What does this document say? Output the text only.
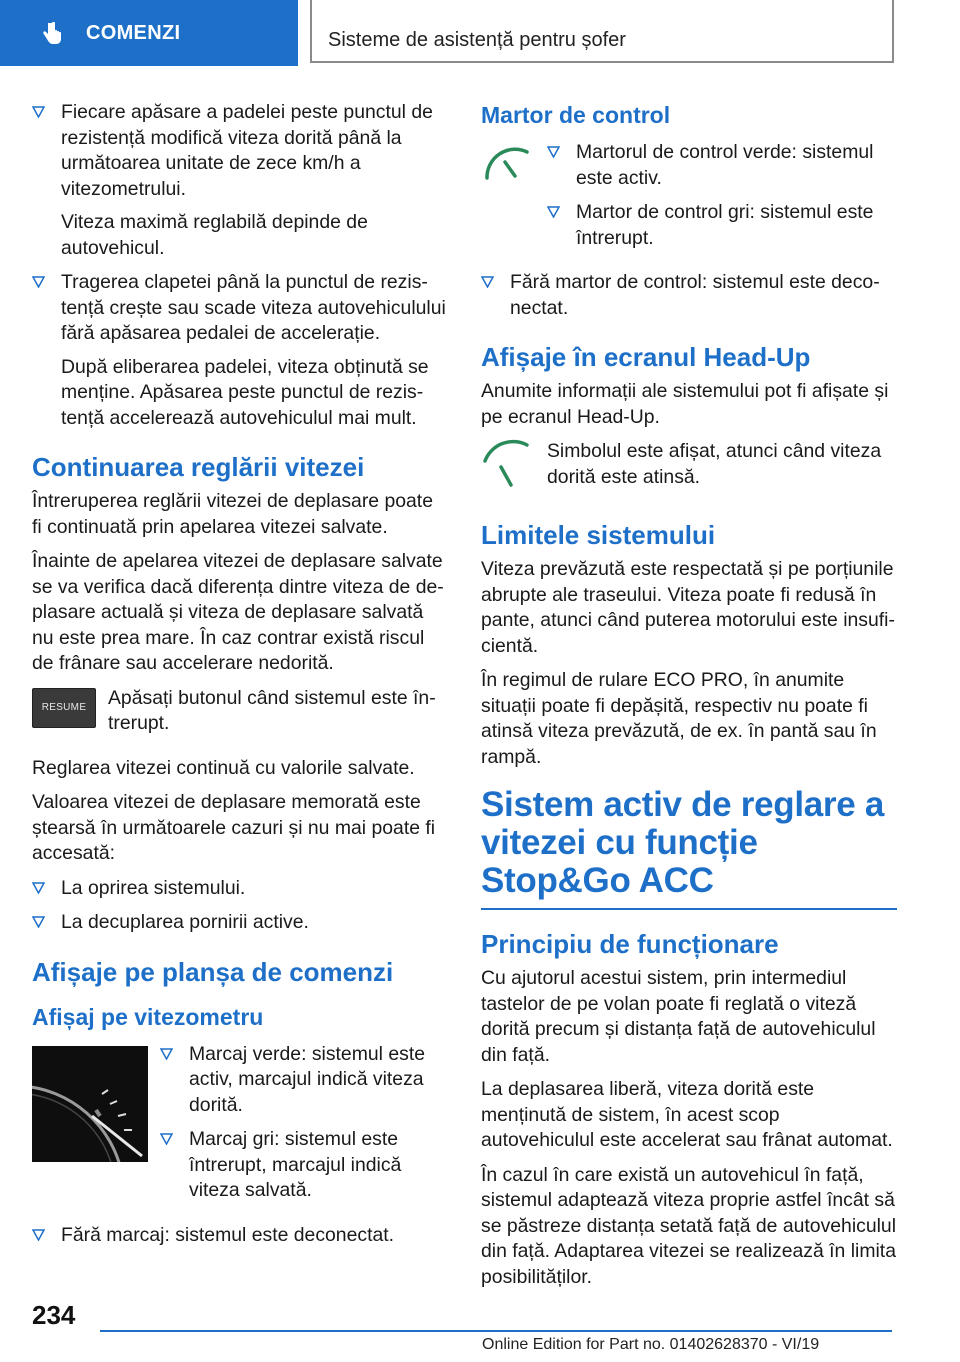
COMENZI	Sisteme de asistență pentru șofer

Fiecare apăsare a padelei peste punctul de rezistență modifică viteza dorită până la următoarea unitate de zece km/h a vitezometrului.

Viteza maximă reglabilă depinde de autovehicul.

Tragerea clapetei până la punctul de rezistență crește sau scade viteza autovehiculului fără apăsarea pedalei de accelerație.

După eliberarea padelei, viteza obținută se menține. Apăsarea peste punctul de rezistență accelerează autovehiculul mai mult.

Continuarea reglării vitezei

Întreruperea reglării vitezei de deplasare poate fi continuată prin apelarea vitezei salvate.

Înainte de apelarea vitezei de deplasare salvate se va verifica dacă diferența dintre viteza de deplasare actuală și viteza de deplasare salvată nu este prea mare. În caz contrar există riscul de frânare sau accelerare nedorită.

RESUME	Apăsați butonul când sistemul este întrerupt.

Reglarea vitezei continuă cu valorile salvate.

Valoarea vitezei de deplasare memorată este ștearsă în următoarele cazuri și nu mai poate fi accesată:

La oprirea sistemului.

La decuplarea pornirii active.

Afișaje pe planșa de comenzi
Afișaj pe vitezometru

Marcaj verde: sistemul este activ, marcajul indică viteza dorită.

Marcaj gri: sistemul este întrerupt, marcajul indică viteza salvată.

Fără marcaj: sistemul este deconectat.

Martor de control

Martorul de control verde: sistemul este activ.

Martor de control gri: sistemul este întrerupt.

Fără martor de control: sistemul este deconectat.

Afișaje în ecranul Head-Up

Anumite informații ale sistemului pot fi afișate și pe ecranul Head-Up.

Simbolul este afișat, atunci când viteza dorită este atinsă.

Limitele sistemului

Viteza prevăzută este respectată și pe porțiunile abrupte ale traseului. Viteza poate fi redusă în pante, atunci când puterea motorului este insuficientă.

În regimul de rulare ECO PRO, în anumite situații poate fi depășită, respectiv nu poate fi atinsă viteza prevăzută, de ex. în pantă sau în rampă.

Sistem activ de reglare a vitezei cu funcție Stop&Go ACC
Principiu de funcționare

Cu ajutorul acestui sistem, prin intermediul tastelor de pe volan poate fi reglată o viteză dorită precum și distanța față de autovehiculul din față.

La deplasarea liberă, viteza dorită este menținută de sistem, în acest scop autovehiculul este accelerat sau frânat automat.

În cazul în care există un autovehicul în față, sistemul adaptează viteza proprie astfel încât să se păstreze distanța setată față de autovehiculul din față. Adaptarea vitezei se realizează în limita posibilităților.

234
Online Edition for Part no. 01402628370 - VI/19
